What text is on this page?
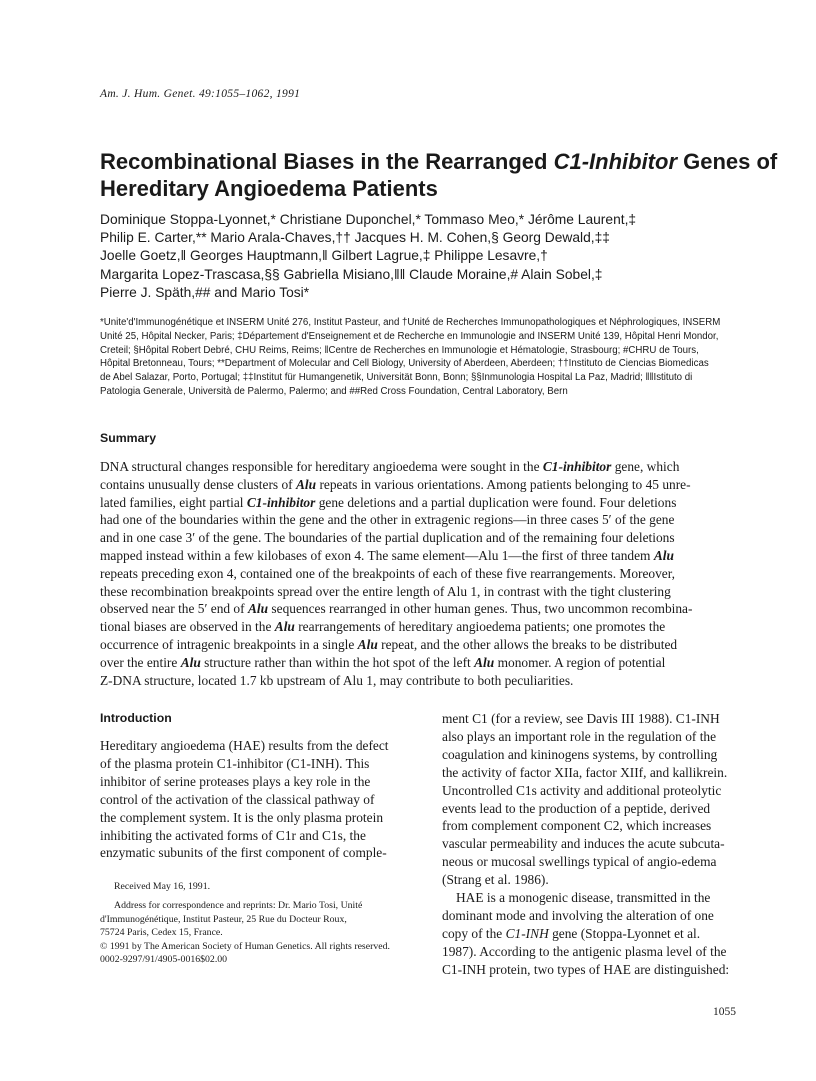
Am. J. Hum. Genet. 49:1055–1062, 1991
Recombinational Biases in the Rearranged C1-Inhibitor Genes of
Hereditary Angioedema Patients
Dominique Stoppa-Lyonnet,* Christiane Duponchel,* Tommaso Meo,* Jérôme Laurent,‡
Philip E. Carter,** Mario Arala-Chaves,†† Jacques H. M. Cohen,§ Georg Dewald,‡‡
Joelle Goetz,‖ Georges Hauptmann,‖ Gilbert Lagrue,‡ Philippe Lesavre,†
Margarita Lopez-Trascasa,§§ Gabriella Misiano,‖‖ Claude Moraine,# Alain Sobel,‡
Pierre J. Späth,## and Mario Tosi*
*Unite'd'Immunogénétique et INSERM Unité 276, Institut Pasteur, and †Unité de Recherches Immunopathologiques et Néphrologiques, INSERM
Unité 25, Hôpital Necker, Paris; ‡Département d'Enseignement et de Recherche en Immunologie and INSERM Unité 139, Hôpital Henri Mondor,
Creteil; §Hôpital Robert Debré, CHU Reims, Reims; ‖Centre de Recherches en Immunologie et Hématologie, Strasbourg; #CHRU de Tours,
Hôpital Bretonneau, Tours; **Department of Molecular and Cell Biology, University of Aberdeen, Aberdeen; ††Instituto de Ciencias Biomedicas
de Abel Salazar, Porto, Portugal; ‡‡Institut für Humangenetik, Universität Bonn, Bonn; §§Inmunologia Hospital La Paz, Madrid; ‖‖Istituto di
Patologia Generale, Università de Palermo, Palermo; and ##Red Cross Foundation, Central Laboratory, Bern
Summary
DNA structural changes responsible for hereditary angioedema were sought in the C1-inhibitor gene, which
contains unusually dense clusters of Alu repeats in various orientations. Among patients belonging to 45 unre-
lated families, eight partial C1-inhibitor gene deletions and a partial duplication were found. Four deletions
had one of the boundaries within the gene and the other in extragenic regions—in three cases 5′ of the gene
and in one case 3′ of the gene. The boundaries of the partial duplication and of the remaining four deletions
mapped instead within a few kilobases of exon 4. The same element—Alu 1—the first of three tandem Alu
repeats preceding exon 4, contained one of the breakpoints of each of these five rearrangements. Moreover,
these recombination breakpoints spread over the entire length of Alu 1, in contrast with the tight clustering
observed near the 5′ end of Alu sequences rearranged in other human genes. Thus, two uncommon recombina-
tional biases are observed in the Alu rearrangements of hereditary angioedema patients; one promotes the
occurrence of intragenic breakpoints in a single Alu repeat, and the other allows the breaks to be distributed
over the entire Alu structure rather than within the hot spot of the left Alu monomer. A region of potential
Z-DNA structure, located 1.7 kb upstream of Alu 1, may contribute to both peculiarities.
Introduction
Hereditary angioedema (HAE) results from the defect
of the plasma protein C1-inhibitor (C1-INH). This
inhibitor of serine proteases plays a key role in the
control of the activation of the classical pathway of
the complement system. It is the only plasma protein
inhibiting the activated forms of C1r and C1s, the
enzymatic subunits of the first component of comple-
ment C1 (for a review, see Davis III 1988). C1-INH
also plays an important role in the regulation of the
coagulation and kininogens systems, by controlling
the activity of factor XIIa, factor XIIf, and kallikrein.
Uncontrolled C1s activity and additional proteolytic
events lead to the production of a peptide, derived
from complement component C2, which increases
vascular permeability and induces the acute subcuta-
neous or mucosal swellings typical of angio-edema
(Strang et al. 1986).
HAE is a monogenic disease, transmitted in the
dominant mode and involving the alteration of one
copy of the C1-INH gene (Stoppa-Lyonnet et al.
1987). According to the antigenic plasma level of the
C1-INH protein, two types of HAE are distinguished:
Received May 16, 1991.
Address for correspondence and reprints: Dr. Mario Tosi, Unité
d'Immunogénétique, Institut Pasteur, 25 Rue du Docteur Roux,
75724 Paris, Cedex 15, France.
© 1991 by The American Society of Human Genetics. All rights reserved.
0002-9297/91/4905-0016$02.00
1055
